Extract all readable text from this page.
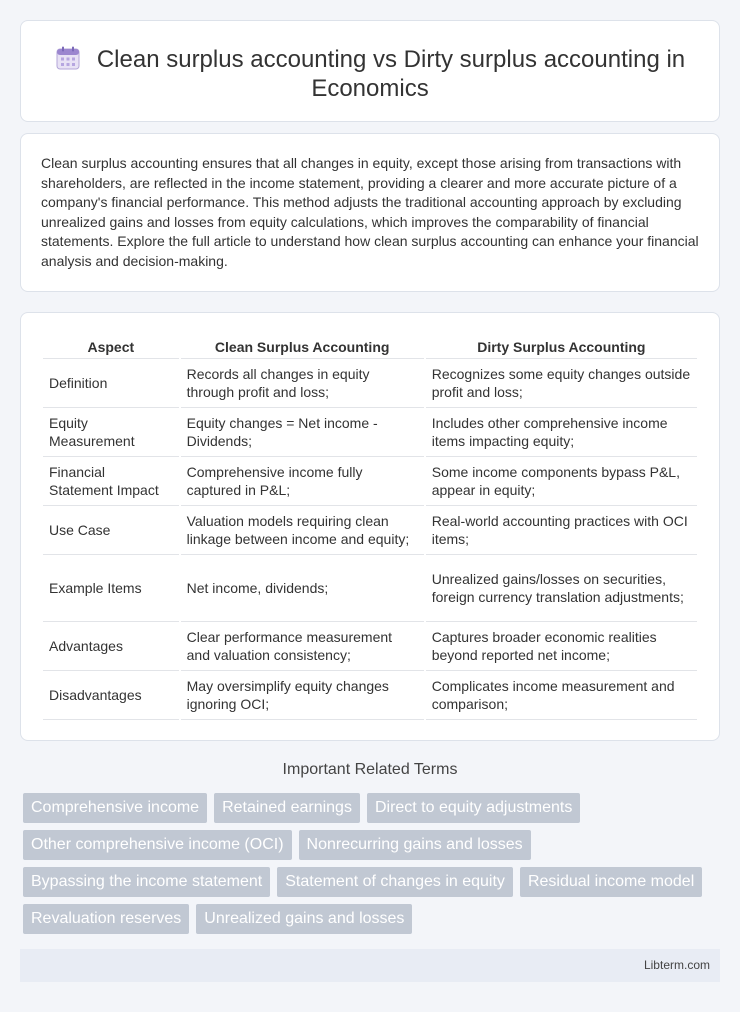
Clean surplus accounting vs Dirty surplus accounting in Economics

Clean surplus accounting ensures that all changes in equity, except those arising from transactions with shareholders, are reflected in the income statement, providing a clearer and more accurate picture of a company's financial performance. This method adjusts the traditional accounting approach by excluding unrealized gains and losses from equity calculations, which improves the comparability of financial statements. Explore the full article to understand how clean surplus accounting can enhance your financial analysis and decision-making.

Aspect	Clean Surplus Accounting	Dirty Surplus Accounting
Definition	Records all changes in equity through profit and loss;	Recognizes some equity changes outside profit and loss;
Equity Measurement	Equity changes = Net income - Dividends;	Includes other comprehensive income items impacting equity;
Financial Statement Impact	Comprehensive income fully captured in P&L;	Some income components bypass P&L, appear in equity;
Use Case	Valuation models requiring clean linkage between income and equity;	Real-world accounting practices with OCI items;
Example Items	Net income, dividends;	Unrealized gains/losses on securities, foreign currency translation adjustments;
Advantages	Clear performance measurement and valuation consistency;	Captures broader economic realities beyond reported net income;
Disadvantages	May oversimplify equity changes ignoring OCI;	Complicates income measurement and comparison;
Important Related Terms
Comprehensive income	Retained earnings	Direct to equity adjustments
Other comprehensive income (OCI)	Nonrecurring gains and losses
Bypassing the income statement	Statement of changes in equity	Residual income model
Revaluation reserves	Unrealized gains and losses
Libterm.com
